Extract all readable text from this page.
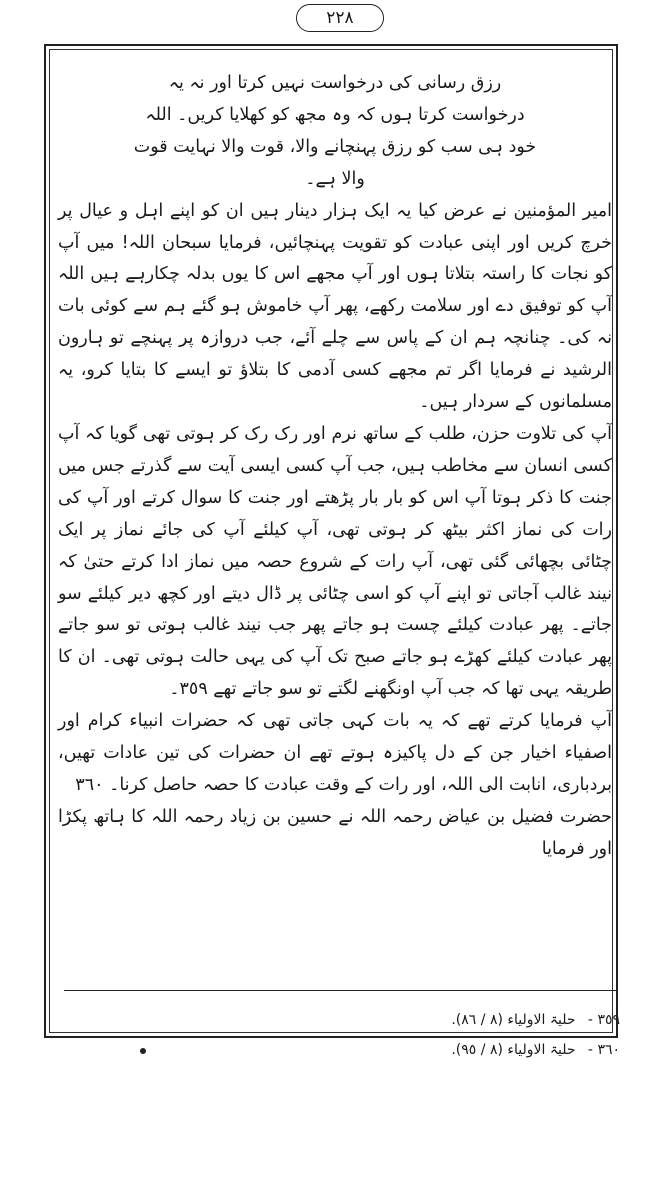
٢٢٨

رزق رسانی کی درخواست نہیں کرتا اور نہ یہ درخواست کرتا ہوں کہ وہ مجھ کو کھلایا کریں۔ اللہ خود ہی سب کو رزق پہنچانے والا، قوت والا نہایت قوت والا ہے۔

امیر المؤمنین نے عرض کیا یہ ایک ہزار دینار ہیں ان کو اپنے اہل و عیال پر خرچ کریں اور اپنی عبادت کو تقویت پہنچائیں، فرمایا سبحان اللہ! میں آپ کو نجات کا راستہ بتلاتا ہوں اور آپ مجھے اس کا یوں بدلہ چکارہے ہیں اللہ آپ کو توفیق دے اور سلامت رکھے، پھر آپ خاموش ہو گئے ہم سے کوئی بات نہ کی۔ چنانچہ ہم ان کے پاس سے چلے آئے، جب دروازہ پر پہنچے تو ہارون الرشید نے فرمایا اگر تم مجھے کسی آدمی کا بتلاؤ تو ایسے کا بتایا کرو، یہ مسلمانوں کے سردار ہیں۔

آپ کی تلاوت حزن، طلب کے ساتھ نرم اور رک رک کر ہوتی تھی گویا کہ آپ کسی انسان سے مخاطب ہیں، جب آپ کسی ایسی آیت سے گذرتے جس میں جنت کا ذکر ہوتا آپ اس کو بار بار پڑھتے اور جنت کا سوال کرتے اور آپ کی رات کی نماز اکثر بیٹھ کر ہوتی تھی، آپ کیلئے آپ کی جائے نماز پر ایک چٹائی بچھائی گئی تھی، آپ رات کے شروع حصہ میں نماز ادا کرتے حتیٰ کہ نیند غالب آجاتی تو اپنے آپ کو اسی چٹائی پر ڈال دیتے اور کچھ دیر کیلئے سو جاتے۔ پھر عبادت کیلئے چست ہو جاتے پھر جب نیند غالب ہوتی تو سو جاتے پھر عبادت کیلئے کھڑے ہو جاتے صبح تک آپ کی یہی حالت ہوتی تھی۔ ان کا طریقہ یہی تھا کہ جب آپ اونگھنے لگتے تو سو جاتے تھے ٣٥٩۔

آپ فرمایا کرتے تھے کہ یہ بات کہی جاتی تھی کہ حضرات انبیاء کرام اور اصفیاء اخیار جن کے دل پاکیزہ ہوتے تھے ان حضرات کی تین عادات تھیں، بردباری، انابت الی اللہ، اور رات کے وقت عبادت کا حصہ حاصل کرنا۔ ٣٦٠

حضرت فضیل بن عیاض رحمہ اللہ نے حسین بن زیاد رحمہ اللہ کا ہاتھ پکڑا اور فرمایا

٣٥٩ - حلیۃ الاولیاء (٨ / ٨٦).
٣٦٠ - حلیۃ الاولیاء (٨ / ٩٥).
